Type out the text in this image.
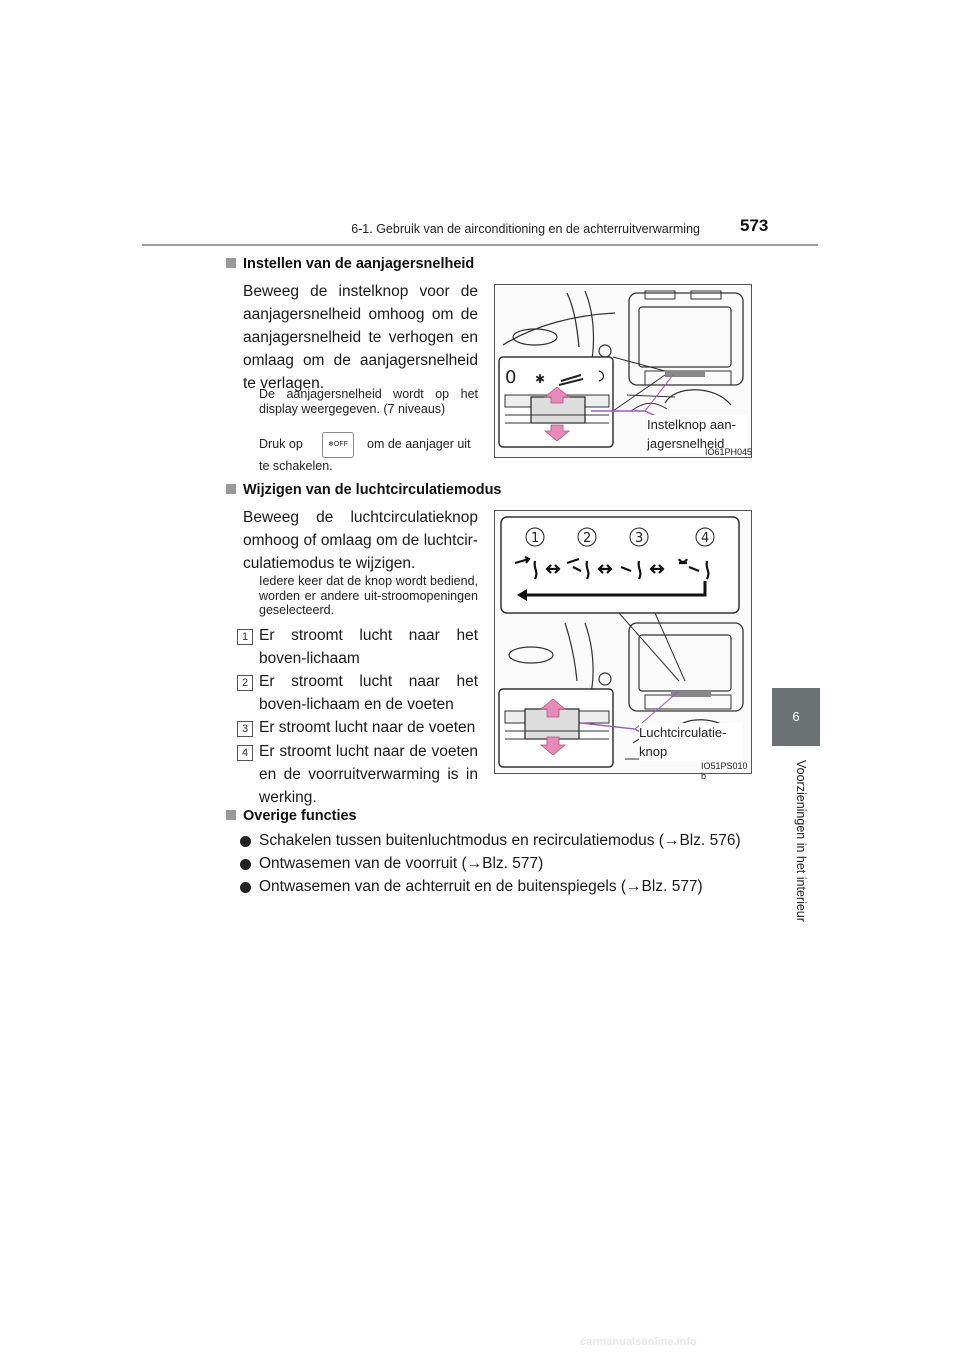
6-1. Gebruik van de airconditioning en de achterruitverwarming 573
6
Voorzieningen in het interieur
Instellen van de aanjagersnelheid
Beweeg de instelknop voor de aanjagersnelheid omhoog om de aanjagersnelheid te verhogen en omlaag om de aanjagersnelheid te verlagen.
De aanjagersnelheid wordt op het display weergegeven. (7 niveaus)
Druk op	❄OFF	om de aanjager uit
te schakelen.
0 ✱
Instelknop aan-
jagersnelheid
IO61PH045
Wijzigen van de luchtcirculatiemodus
Beweeg de luchtcirculatieknop omhoog of omlaag om de luchtcir-culatiemodus te wijzigen.
Iedere keer dat de knop wordt bediend, worden er andere uit-stroomopeningen geselecteerd.
1 Er stroomt lucht naar het boven-lichaam
2 Er stroomt lucht naar het boven-lichaam en de voeten
3 Er stroomt lucht naar de voeten
4 Er stroomt lucht naar de voeten en de voorruitverwarming is in werking.
1	2	3	4
Luchtcirculatie-
knop
IO51PS010 b
Overige functies
Schakelen tussen buitenluchtmodus en recirculatiemodus (→Blz. 576)
Ontwasemen van de voorruit (→Blz. 577)
Ontwasemen van de achterruit en de buitenspiegels (→Blz. 577)
carmanualsonline.info
